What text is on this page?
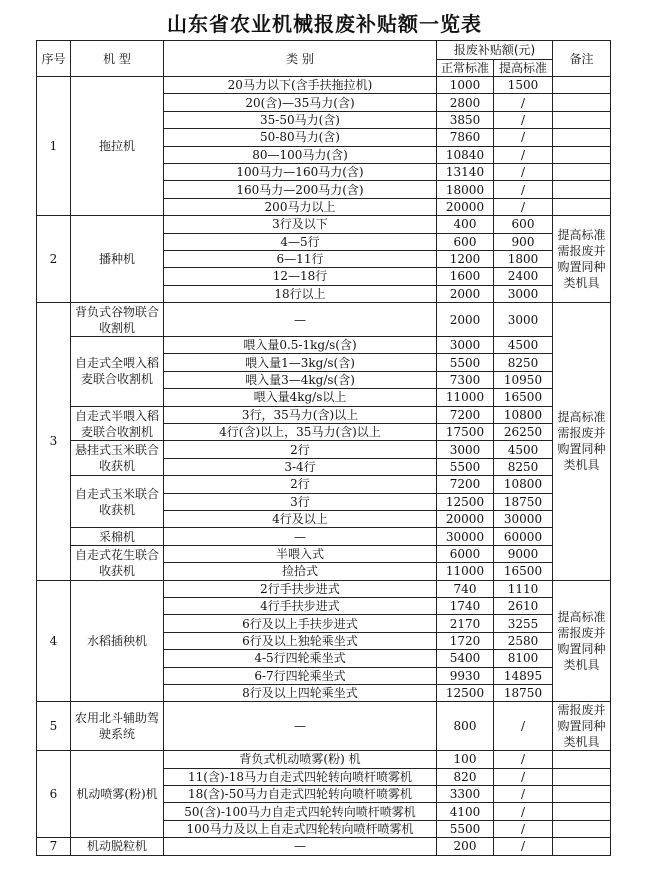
山东省农业机械报废补贴额一览表
序号	机 型	类 别	报废补贴额(元)		备注
			正常标准	提高标准	
1	拖拉机	20马力以下(含手扶拖拉机)	1000	1500	
		20(含)—35马力(含)	2800	/	
		35-50马力(含)	3850	/	
		50-80马力(含)	7860	/	
		80—100马力(含)	10840	/	
		100马力—160马力(含)	13140	/	
		160马力—200马力(含)	18000	/	
		200马力以上	20000	/	
2	播种机	3行及以下	400	600	提高标准需报废并购置同种类机具
		4—5行	600	900	
		6—11行	1200	1800	
		12—18行	1600	2400	
		18行以上	2000	3000	
3	背负式谷物联合收割机	—	2000	3000	提高标准需报废并购置同种类机具
	自走式全喂入稻麦联合收割机	喂入量0.5-1kg/s(含)	3000	4500	
		喂入量1—3kg/s(含)	5500	8250	
		喂入量3—4kg/s(含)	7300	10950	
		喂入量4kg/s以上	11000	16500	
	自走式半喂入稻麦联合收割机	3行，35马力(含)以上	7200	10800	
		4行(含)以上，35马力(含)以上	17500	26250	
	悬挂式玉米联合收获机	2行	3000	4500	
		3-4行	5500	8250	
	自走式玉米联合收获机	2行	7200	10800	
		3行	12500	18750	
		4行及以上	20000	30000	
	采棉机	—	30000	60000	
	自走式花生联合收获机	半喂入式	6000	9000	
		捡拾式	11000	16500	
4	水稻插秧机	2行手扶步进式	740	1110	提高标准需报废并购置同种类机具
		4行手扶步进式	1740	2610	
		6行及以上手扶步进式	2170	3255	
		6行及以上独轮乘坐式	1720	2580	
		4-5行四轮乘坐式	5400	8100	
		6-7行四轮乘坐式	9930	14895	
		8行及以上四轮乘坐式	12500	18750	
5	农用北斗辅助驾驶系统	—	800	/	需报废并购置同种类机具
6	机动喷雾(粉)机	背负式机动喷雾(粉) 机	100	/	
		11(含)-18马力自走式四轮转向喷杆喷雾机	820	/	
		18(含)-50马力自走式四轮转向喷杆喷雾机	3300	/	
		50(含)-100马力自走式四轮转向喷杆喷雾机	4100	/	
		100马力及以上自走式四轮转向喷杆喷雾机	5500	/	
7	机动脱粒机	—	200	/	
